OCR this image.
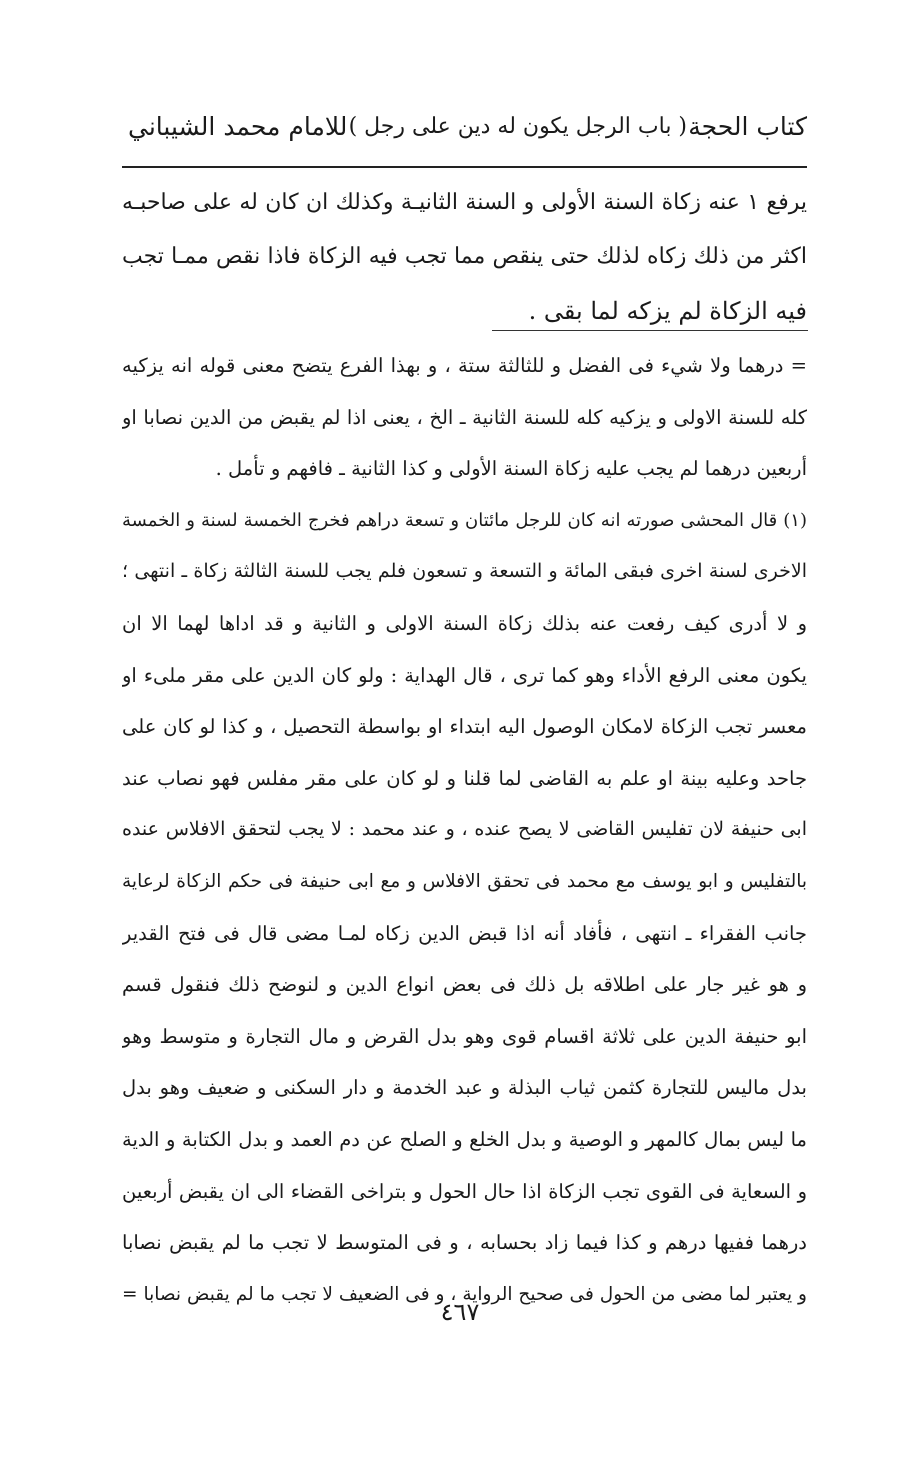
كتاب الحجة
( باب الرجل يكون له دين على رجل )
للامام محمد الشيباني
يرفع ١ عنه زكاة السنة الأولى و السنة الثانيـة وكذلك ان كان له على صاحبـه
اكثر من ذلك زكاه لذلك حتى ينقص مما تجب فيه الزكاة فاذا نقص ممـا تجب
فيه الزكاة لم يزكه لما بقى .
= درهما ولا شيء فى الفضل و للثالثة ستة ، و بهذا الفرع يتضح معنى قوله انه يزكيه
كله للسنة الاولى و يزكيه كله للسنة الثانية ـ الخ ، يعنى اذا لم يقبض من الدين نصابا او
أربعين درهما لم يجب عليه زكاة السنة الأولى و كذا الثانية ـ فافهم و تأمل .
(١) قال المحشى صورته انه كان للرجل مائتان و تسعة دراهم فخرج الخمسة لسنة و الخمسة
الاخرى لسنة اخرى فبقى المائة و التسعة و تسعون فلم يجب للسنة الثالثة زكاة ـ انتهى ؛
و لا أدرى كيف رفعت عنه بذلك زكاة السنة الاولى و الثانية و قد اداها لهما الا ان
يكون معنى الرفع الأداء وهو كما ترى ، قال الهداية : ولو كان الدين على مقر ملىء او
معسر تجب الزكاة لامكان الوصول اليه ابتداء او بواسطة التحصيل ، و كذا لو كان على
جاحد وعليه بينة او علم به القاضى لما قلنا و لو كان على مقر مفلس فهو نصاب عند
ابى حنيفة لان تفليس القاضى لا يصح عنده ، و عند محمد : لا يجب لتحقق الافلاس عنده
بالتفليس و ابو يوسف مع محمد فى تحقق الافلاس و مع ابى حنيفة فى حكم الزكاة لرعاية
جانب الفقراء ـ انتهى ، فأفاد أنه اذا قبض الدين زكاه لمـا مضى قال فى فتح القدير
و هو غير جار على اطلاقه بل ذلك فى بعض انواع الدين و لنوضح ذلك فنقول قسم
ابو حنيفة الدين على ثلاثة اقسام قوى وهو بدل القرض و مال التجارة و متوسط وهو
بدل ماليس للتجارة كثمن ثياب البذلة و عبد الخدمة و دار السكنى و ضعيف وهو بدل
ما ليس بمال كالمهر و الوصية و بدل الخلع و الصلح عن دم العمد و بدل الكتابة و الدية
و السعاية فى القوى تجب الزكاة اذا حال الحول و بتراخى القضاء الى ان يقبض أربعين
درهما ففيها درهم و كذا فيما زاد بحسابه ، و فى المتوسط لا تجب ما لم يقبض نصابا
و يعتبر لما مضى من الحول فى صحيح الرواية ، و فى الضعيف لا تجب ما لم يقبض نصابا =
٤٦٧
